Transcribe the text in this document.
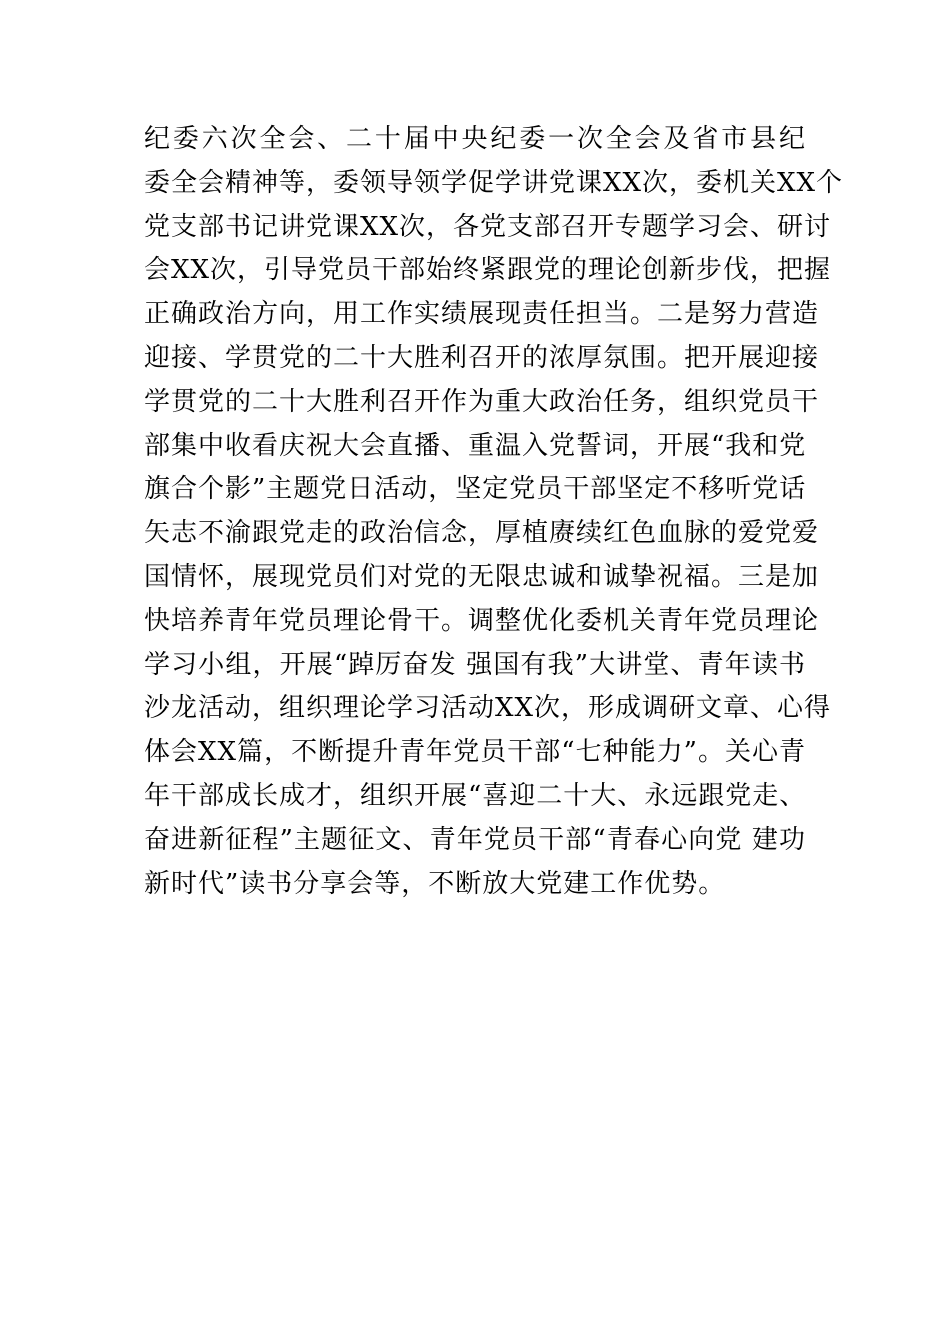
纪委六次全会、二十届中央纪委一次全会及省市县纪
委全会精神等，委领导领学促学讲党课XX次，委机关XX个
党支部书记讲党课XX次，各党支部召开专题学习会、研讨
会XX次，引导党员干部始终紧跟党的理论创新步伐，把握
正确政治方向，用工作实绩展现责任担当。二是努力营造
迎接、学贯党的二十大胜利召开的浓厚氛围。把开展迎接
学贯党的二十大胜利召开作为重大政治任务，组织党员干
部集中收看庆祝大会直播、重温入党誓词，开展“我和党
旗合个影”主题党日活动，坚定党员干部坚定不移听党话
矢志不渝跟党走的政治信念，厚植赓续红色血脉的爱党爱
国情怀，展现党员们对党的无限忠诚和诚挚祝福。三是加
快培养青年党员理论骨干。调整优化委机关青年党员理论
学习小组，开展“踔厉奋发 强国有我”大讲堂、青年读书
沙龙活动，组织理论学习活动XX次，形成调研文章、心得
体会XX篇，不断提升青年党员干部“七种能力”。关心青
年干部成长成才，组织开展“喜迎二十大、永远跟党走、
奋进新征程”主题征文、青年党员干部“青春心向党 建功
新时代”读书分享会等，不断放大党建工作优势。
